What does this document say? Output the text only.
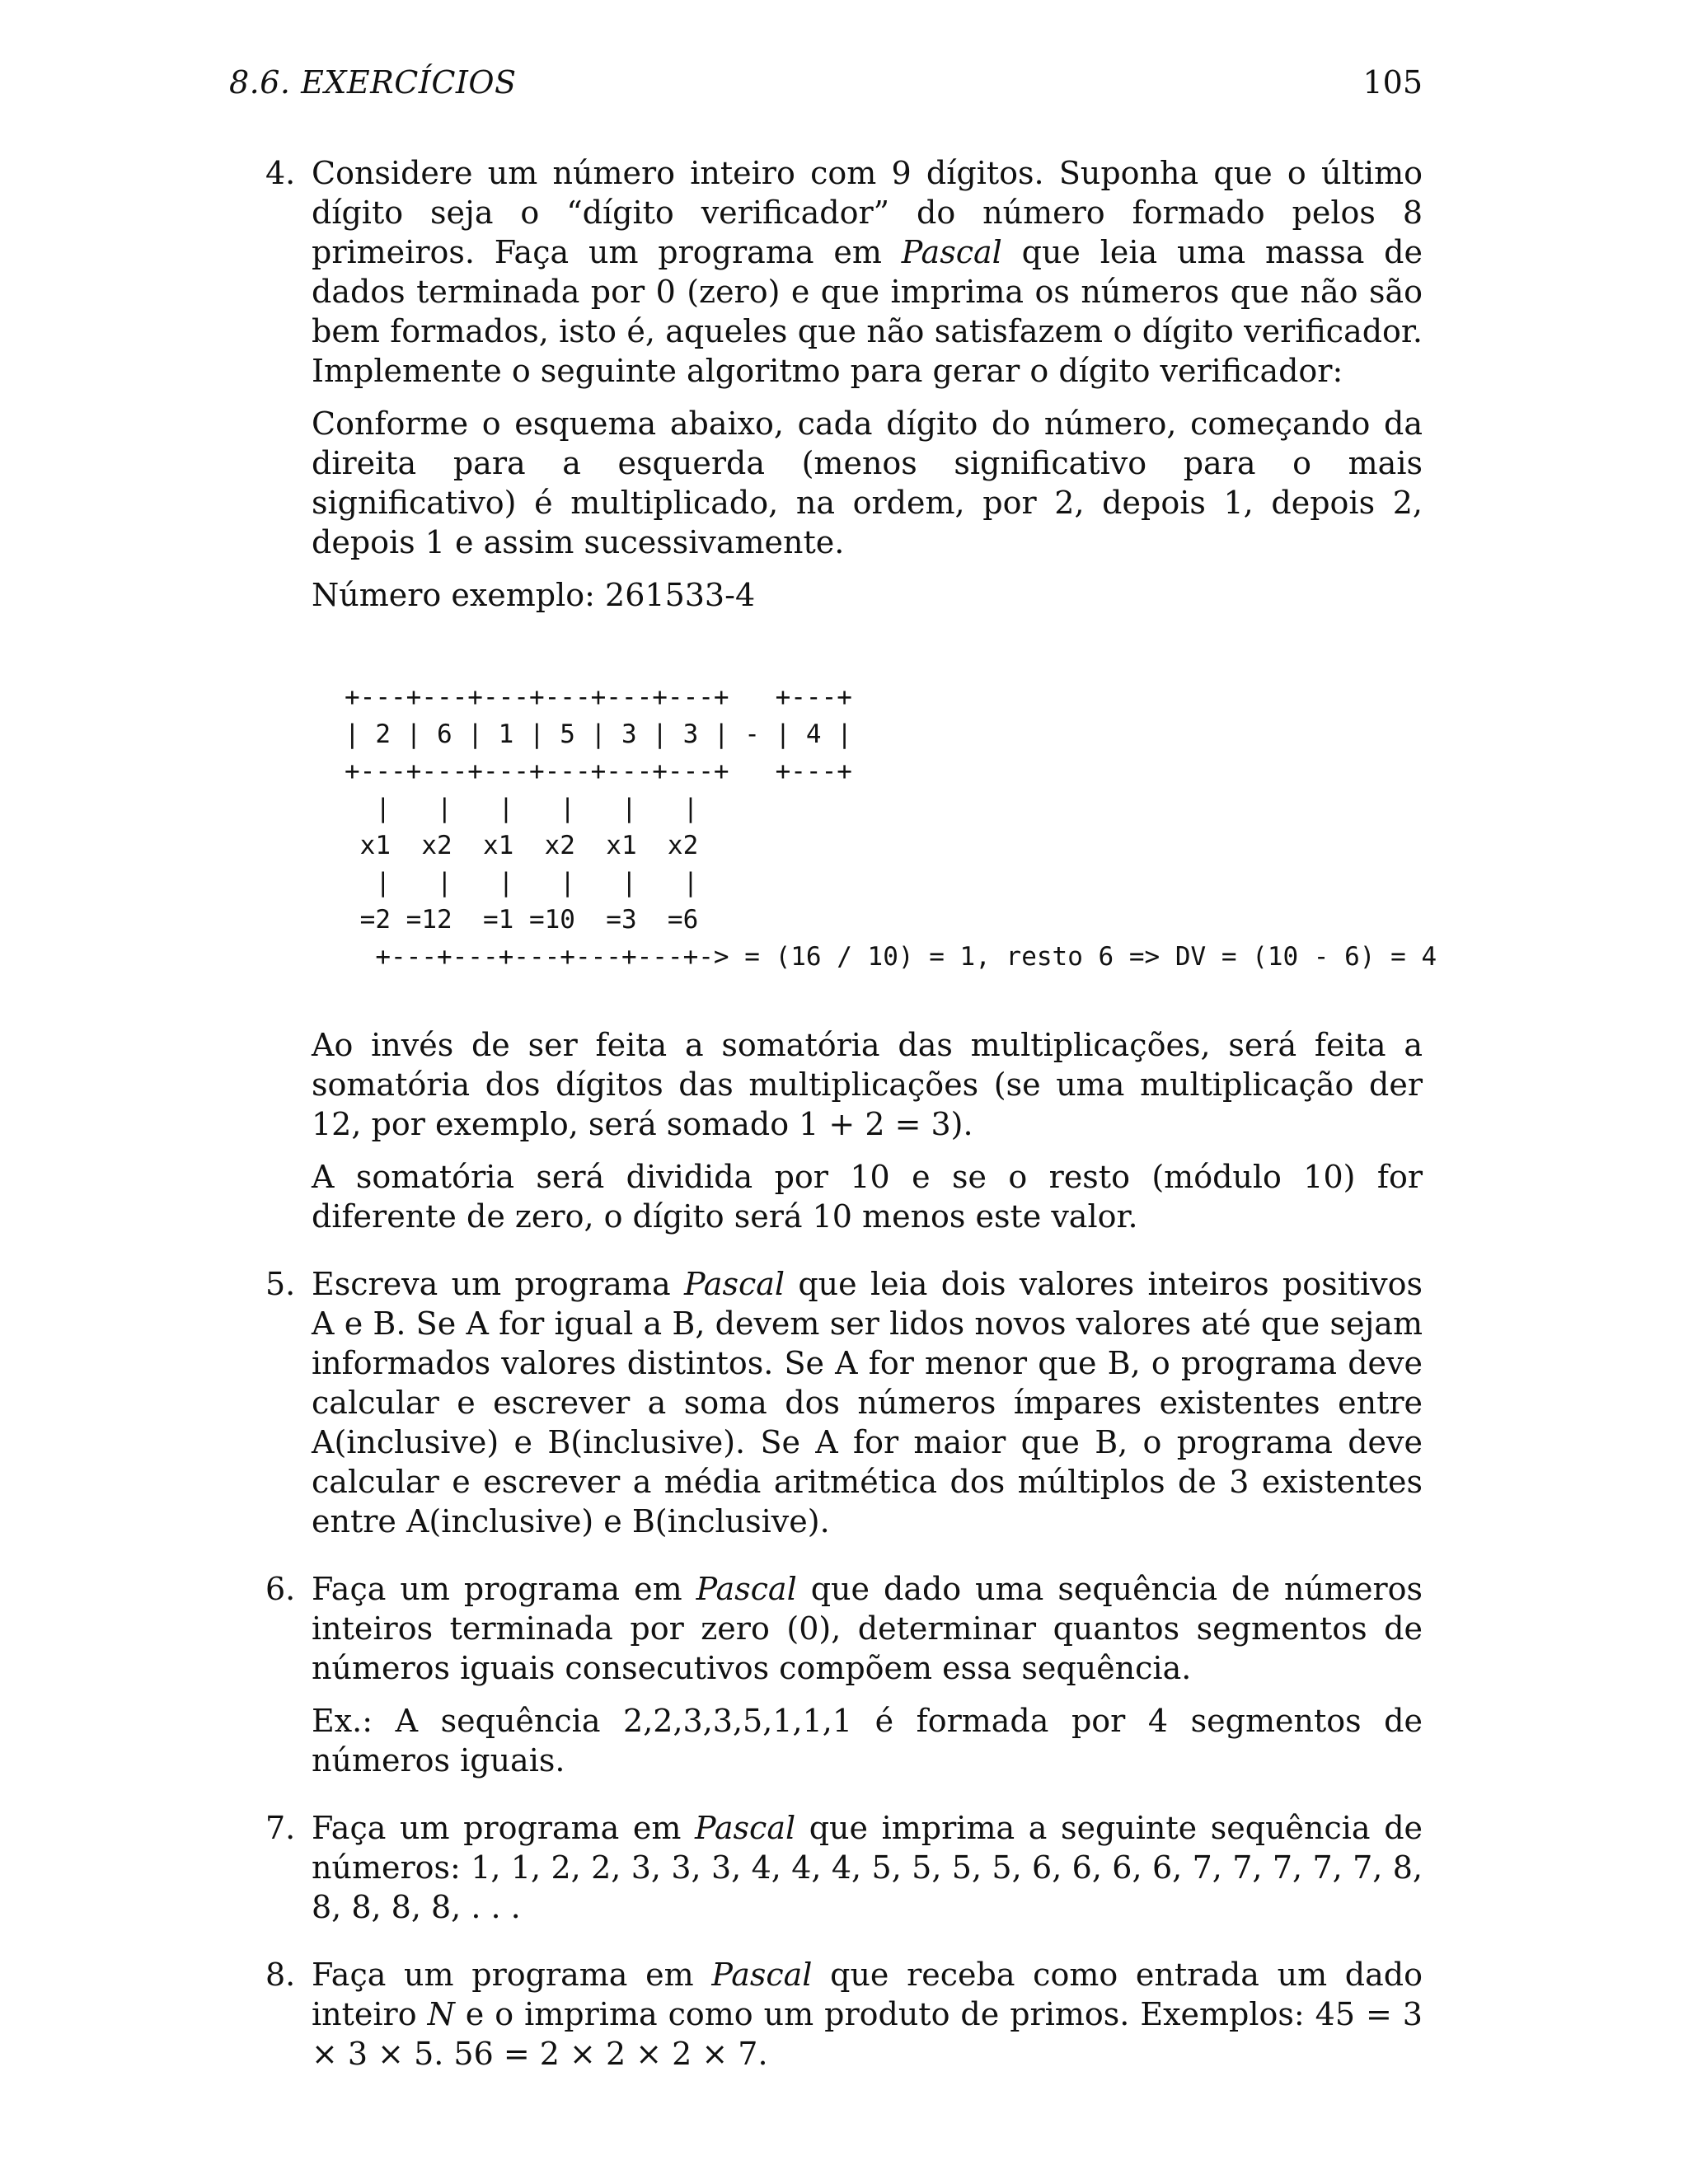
8.6. EXERCÍCIOS	105
4. Considere um número inteiro com 9 dígitos. Suponha que o último dígito seja o “dígito verificador” do número formado pelos 8 primeiros. Faça um programa em Pascal que leia uma massa de dados terminada por 0 (zero) e que imprima os números que não são bem formados, isto é, aqueles que não satisfazem o dígito verificador. Implemente o seguinte algoritmo para gerar o dígito verificador:

Conforme o esquema abaixo, cada dígito do número, começando da direita para a esquerda (menos significativo para o mais significativo) é multiplicado, na ordem, por 2, depois 1, depois 2, depois 1 e assim sucessivamente.

Número exemplo: 261533-4

+---+---+---+---+---+---+   +---+
| 2 | 6 | 1 | 5 | 3 | 3 | - | 4 |
+---+---+---+---+---+---+   +---+
|   |   |   |   |   |
x1  x2  x1  x2  x1  x2
|   |   |   |   |   |
=2 =12  =1 =10  =3  =6
+---+---+---+---+---+-> = (16 / 10) = 1, resto 6 => DV = (10 - 6) = 4

Ao invés de ser feita a somatória das multiplicações, será feita a somatória dos dígitos das multiplicações (se uma multiplicação der 12, por exemplo, será somado 1 + 2 = 3).

A somatória será dividida por 10 e se o resto (módulo 10) for diferente de zero, o dígito será 10 menos este valor.

5. Escreva um programa Pascal que leia dois valores inteiros positivos A e B. Se A for igual a B, devem ser lidos novos valores até que sejam informados valores distintos. Se A for menor que B, o programa deve calcular e escrever a soma dos números ímpares existentes entre A(inclusive) e B(inclusive). Se A for maior que B, o programa deve calcular e escrever a média aritmética dos múltiplos de 3 existentes entre A(inclusive) e B(inclusive).

6. Faça um programa em Pascal que dado uma sequência de números inteiros terminada por zero (0), determinar quantos segmentos de números iguais consecutivos compõem essa sequência.

Ex.: A sequência 2,2,3,3,5,1,1,1 é formada por 4 segmentos de números iguais.

7. Faça um programa em Pascal que imprima a seguinte sequência de números: 1, 1, 2, 2, 3, 3, 3, 4, 4, 4, 5, 5, 5, 5, 6, 6, 6, 6, 7, 7, 7, 7, 7, 8, 8, 8, 8, 8, . . .

8. Faça um programa em Pascal que receba como entrada um dado inteiro N e o imprima como um produto de primos. Exemplos: 45 = 3 × 3 × 5. 56 = 2 × 2 × 2 × 7.
